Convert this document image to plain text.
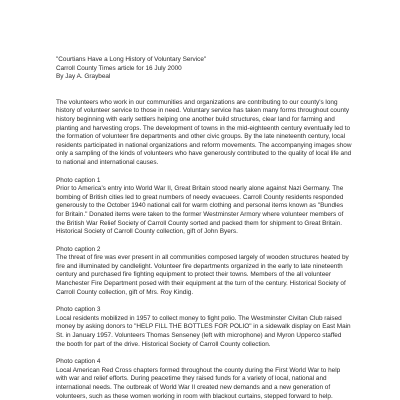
"Courtians Have a Long History of Voluntary Service"
Carroll County Times article for 16 July 2000
By Jay A. Graybeal

The volunteers who work in our communities and organizations are contributing to our county's long history of volunteer service to those in need. Voluntary service has taken many forms throughout county history beginning with early settlers helping one another build structures, clear land for farming and planting and harvesting crops. The development of towns in the mid-eighteenth century eventually led to the formation of volunteer fire departments and other civic groups. By the late nineteenth century, local residents participated in national organizations and reform movements. The accompanying images show only a sampling of the kinds of volunteers who have generously contributed to the quality of local life and to national and international causes.

Photo caption 1

Prior to America's entry into World War II, Great Britain stood nearly alone against Nazi Germany. The bombing of British cities led to great numbers of needy evacuees. Carroll County residents responded generously to the October 1940 national call for warm clothing and personal items known as "Bundles for Britain." Donated items were taken to the former Westminster Armory where volunteer members of the British War Relief Society of Carroll County sorted and packed them for shipment to Great Britain. Historical Society of Carroll County collection, gift of John Byers.

Photo caption 2

The threat of fire was ever present in all communities composed largely of wooden structures heated by fire and illuminated by candlelight. Volunteer fire departments organized in the early to late nineteenth century and purchased fire fighting equipment to protect their towns. Members of the all volunteer Manchester Fire Department posed with their equipment at the turn of the century. Historical Society of Carroll County collection, gift of Mrs. Roy Kindig.

Photo caption 3

Local residents mobilized in 1957 to collect money to fight polio. The Westminster Civitan Club raised money by asking donors to "HELP FILL THE BOTTLES FOR POLIO" in a sidewalk display on East Main St. in January 1957. Volunteers Thomas Senseney (left with microphone) and Myron Upperco staffed the booth for part of the drive. Historical Society of Carroll County collection.

Photo caption 4

Local American Red Cross chapters formed throughout the county during the First World War to help with war and relief efforts. During peacetime they raised funds for a variety of local, national and international needs. The outbreak of World War II created new demands and a new generation of volunteers, such as these women working in room with blackout curtains, stepped forward to help.
